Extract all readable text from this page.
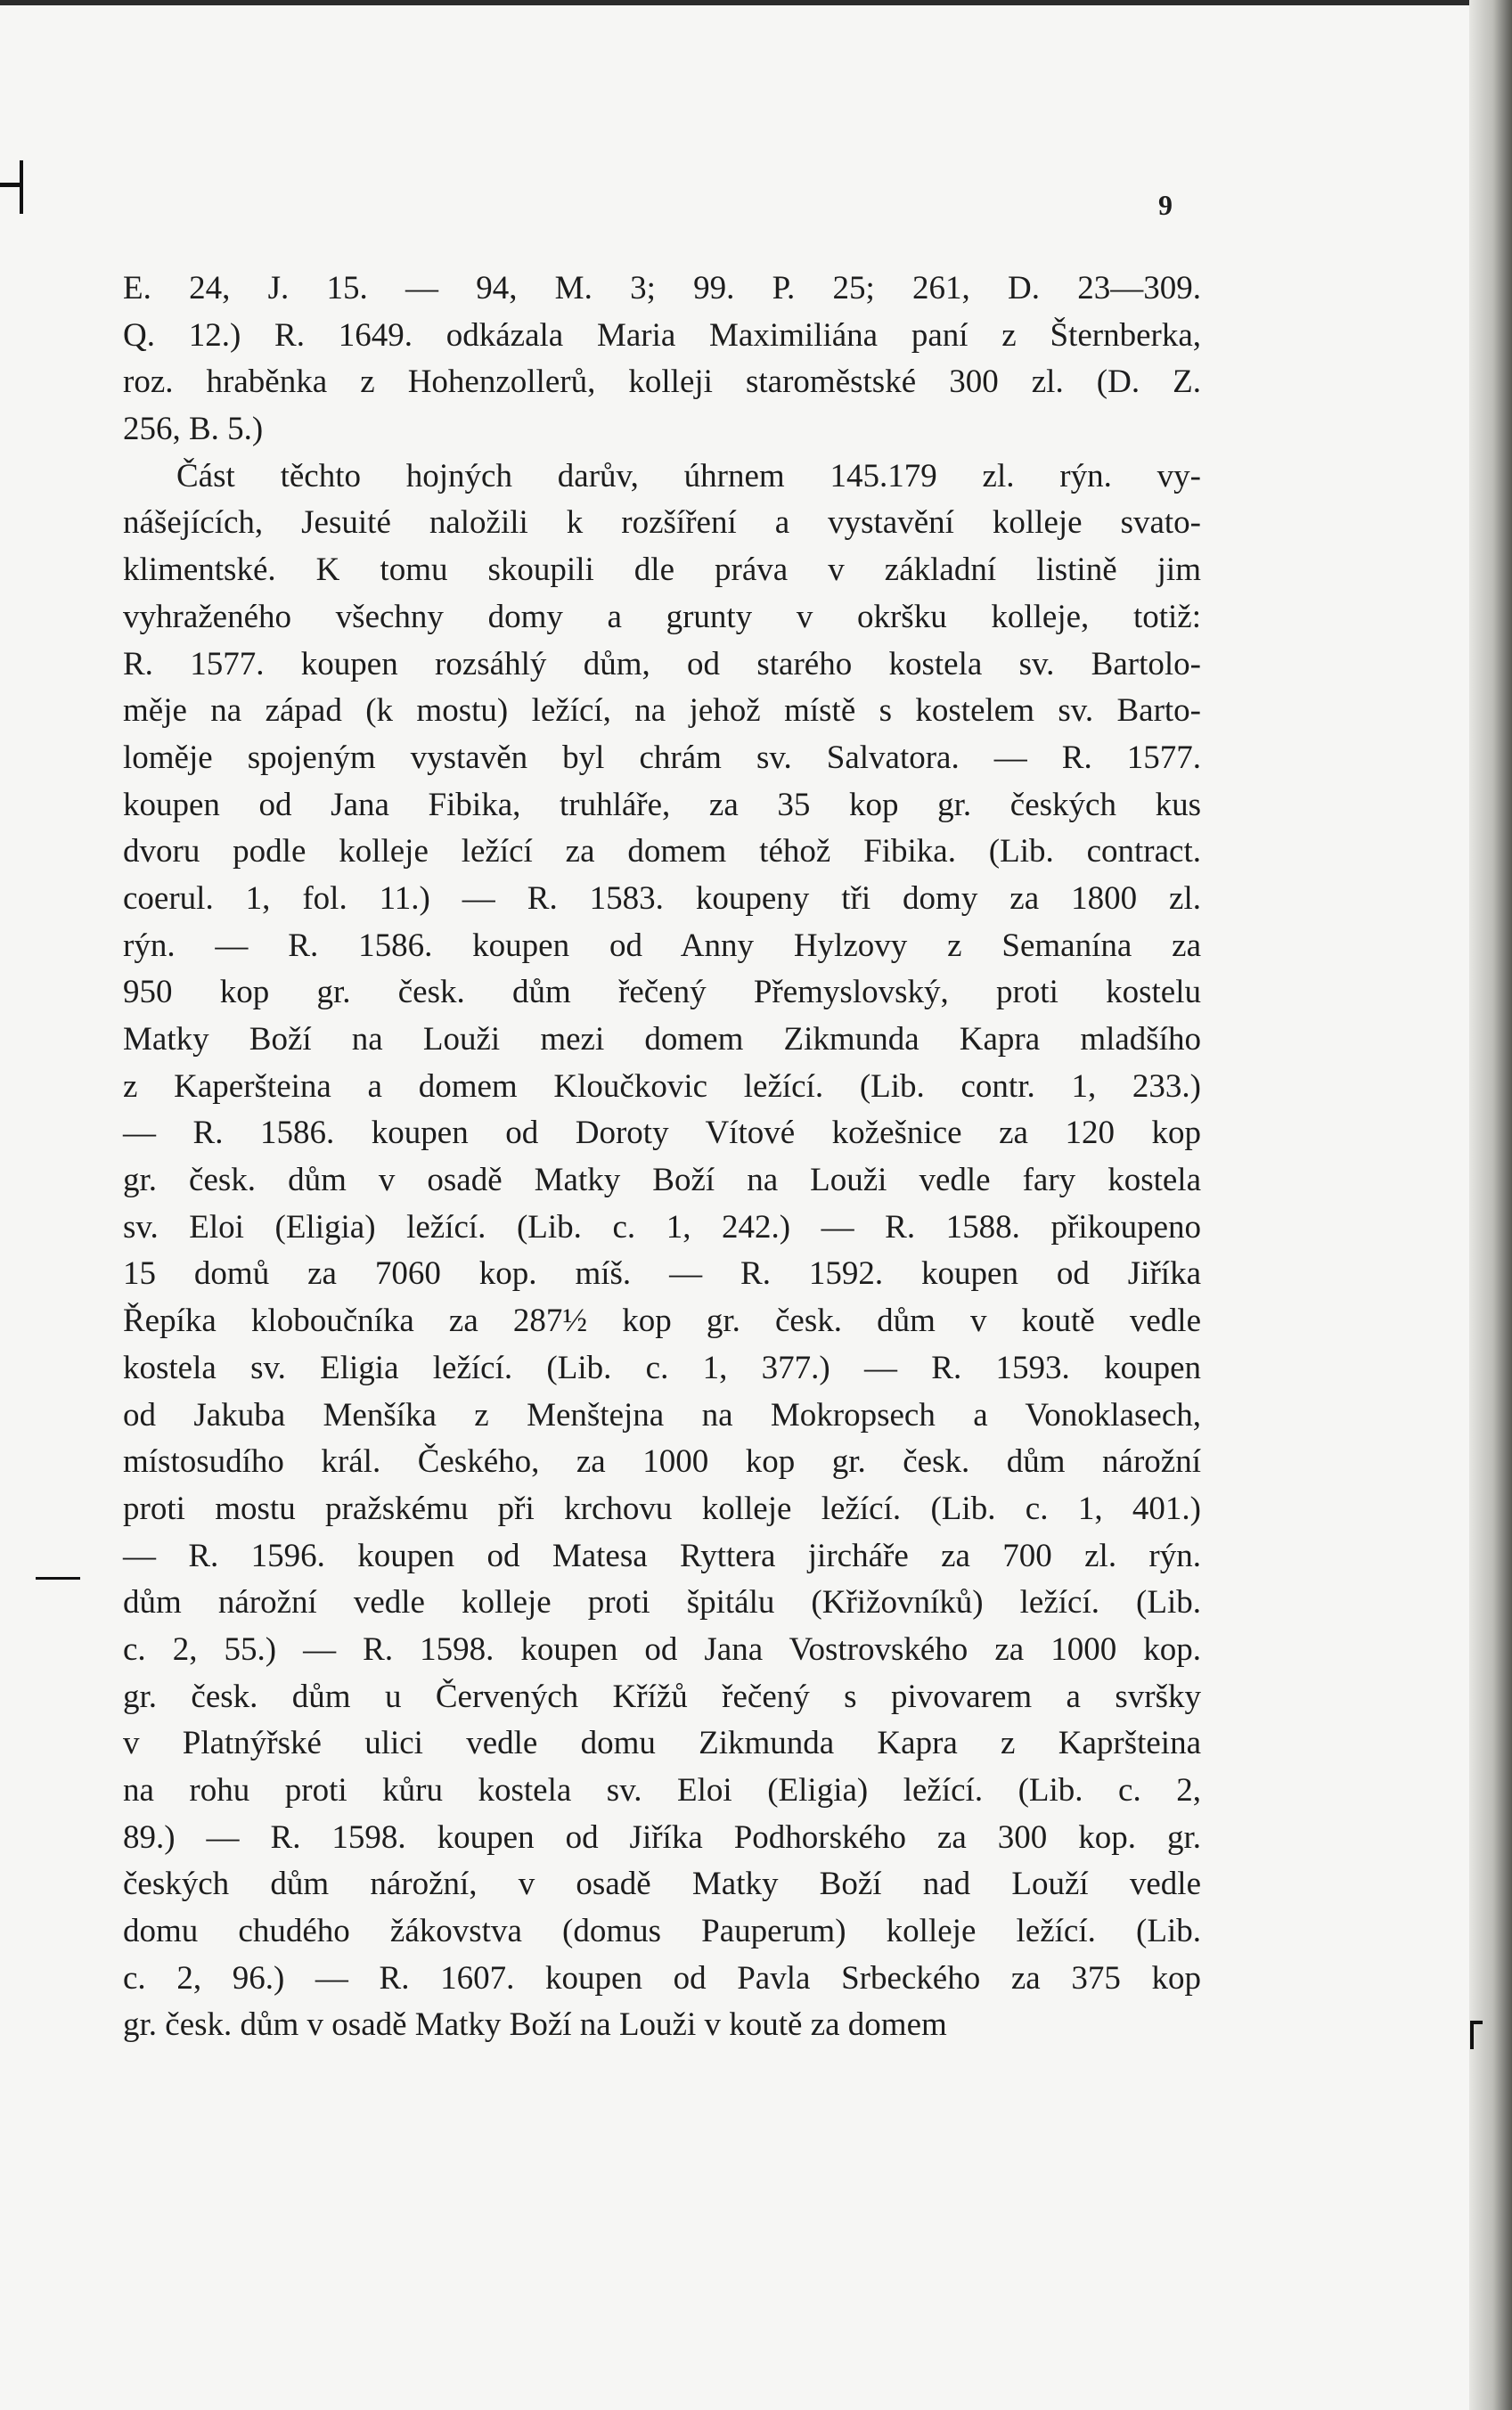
9
E. 24, J. 15. — 94, M. 3; 99. P. 25; 261, D. 23—309.
Q. 12.) R. 1649. odkázala Maria Maximiliána paní z Šternberka,
roz. hraběnka z Hohenzollerů, kolleji staroměstské 300 zl. (D. Z.
256, B. 5.)
Část těchto hojných darův, úhrnem 145.179 zl. rýn. vy-
nášejících, Jesuité naložili k rozšíření a vystavění kolleje svato-
klimentské. K tomu skoupili dle práva v základní listině jim
vyhraženého všechny domy a grunty v okršku kolleje, totiž:
R. 1577. koupen rozsáhlý dům, od starého kostela sv. Bartolo-
měje na západ (k mostu) ležící, na jehož místě s kostelem sv. Barto-
loměje spojeným vystavěn byl chrám sv. Salvatora. — R. 1577.
koupen od Jana Fibika, truhláře, za 35 kop gr. českých kus
dvoru podle kolleje ležící za domem téhož Fibika. (Lib. contract.
coerul. 1, fol. 11.) — R. 1583. koupeny tři domy za 1800 zl.
rýn. — R. 1586. koupen od Anny Hylzovy z Semanína za
950 kop gr. česk. dům řečený Přemyslovský, proti kostelu
Matky Boží na Louži mezi domem Zikmunda Kapra mladšího
z Kaperšteina a domem Kloučkovic ležící. (Lib. contr. 1, 233.)
— R. 1586. koupen od Doroty Vítové kožešnice za 120 kop
gr. česk. dům v osadě Matky Boží na Louži vedle fary kostela
sv. Eloi (Eligia) ležící. (Lib. c. 1, 242.) — R. 1588. přikoupeno
15 domů za 7060 kop. míš. — R. 1592. koupen od Jiříka
Řepíka kloboučníka za 287½ kop gr. česk. dům v koutě vedle
kostela sv. Eligia ležící. (Lib. c. 1, 377.) — R. 1593. koupen
od Jakuba Menšíka z Menštejna na Mokropsech a Vonoklasech,
místosudího král. Českého, za 1000 kop gr. česk. dům nárožní
proti mostu pražskému při krchovu kolleje ležící. (Lib. c. 1, 401.)
— R. 1596. koupen od Matesa Ryttera jircháře za 700 zl. rýn.
dům nárožní vedle kolleje proti špitálu (Křižovníků) ležící. (Lib.
c. 2, 55.) — R. 1598. koupen od Jana Vostrovského za 1000 kop.
gr. česk. dům u Červených Křížů řečený s pivovarem a svršky
v Platnýřské ulici vedle domu Zikmunda Kapra z Kapršteina
na rohu proti kůru kostela sv. Eloi (Eligia) ležící. (Lib. c. 2,
89.) — R. 1598. koupen od Jiříka Podhorského za 300 kop. gr.
českých dům nárožní, v osadě Matky Boží nad Louží vedle
domu chudého žákovstva (domus Pauperum) kolleje ležící. (Lib.
c. 2, 96.) — R. 1607. koupen od Pavla Srbeckého za 375 kop
gr. česk. dům v osadě Matky Boží na Louži v koutě za domem
